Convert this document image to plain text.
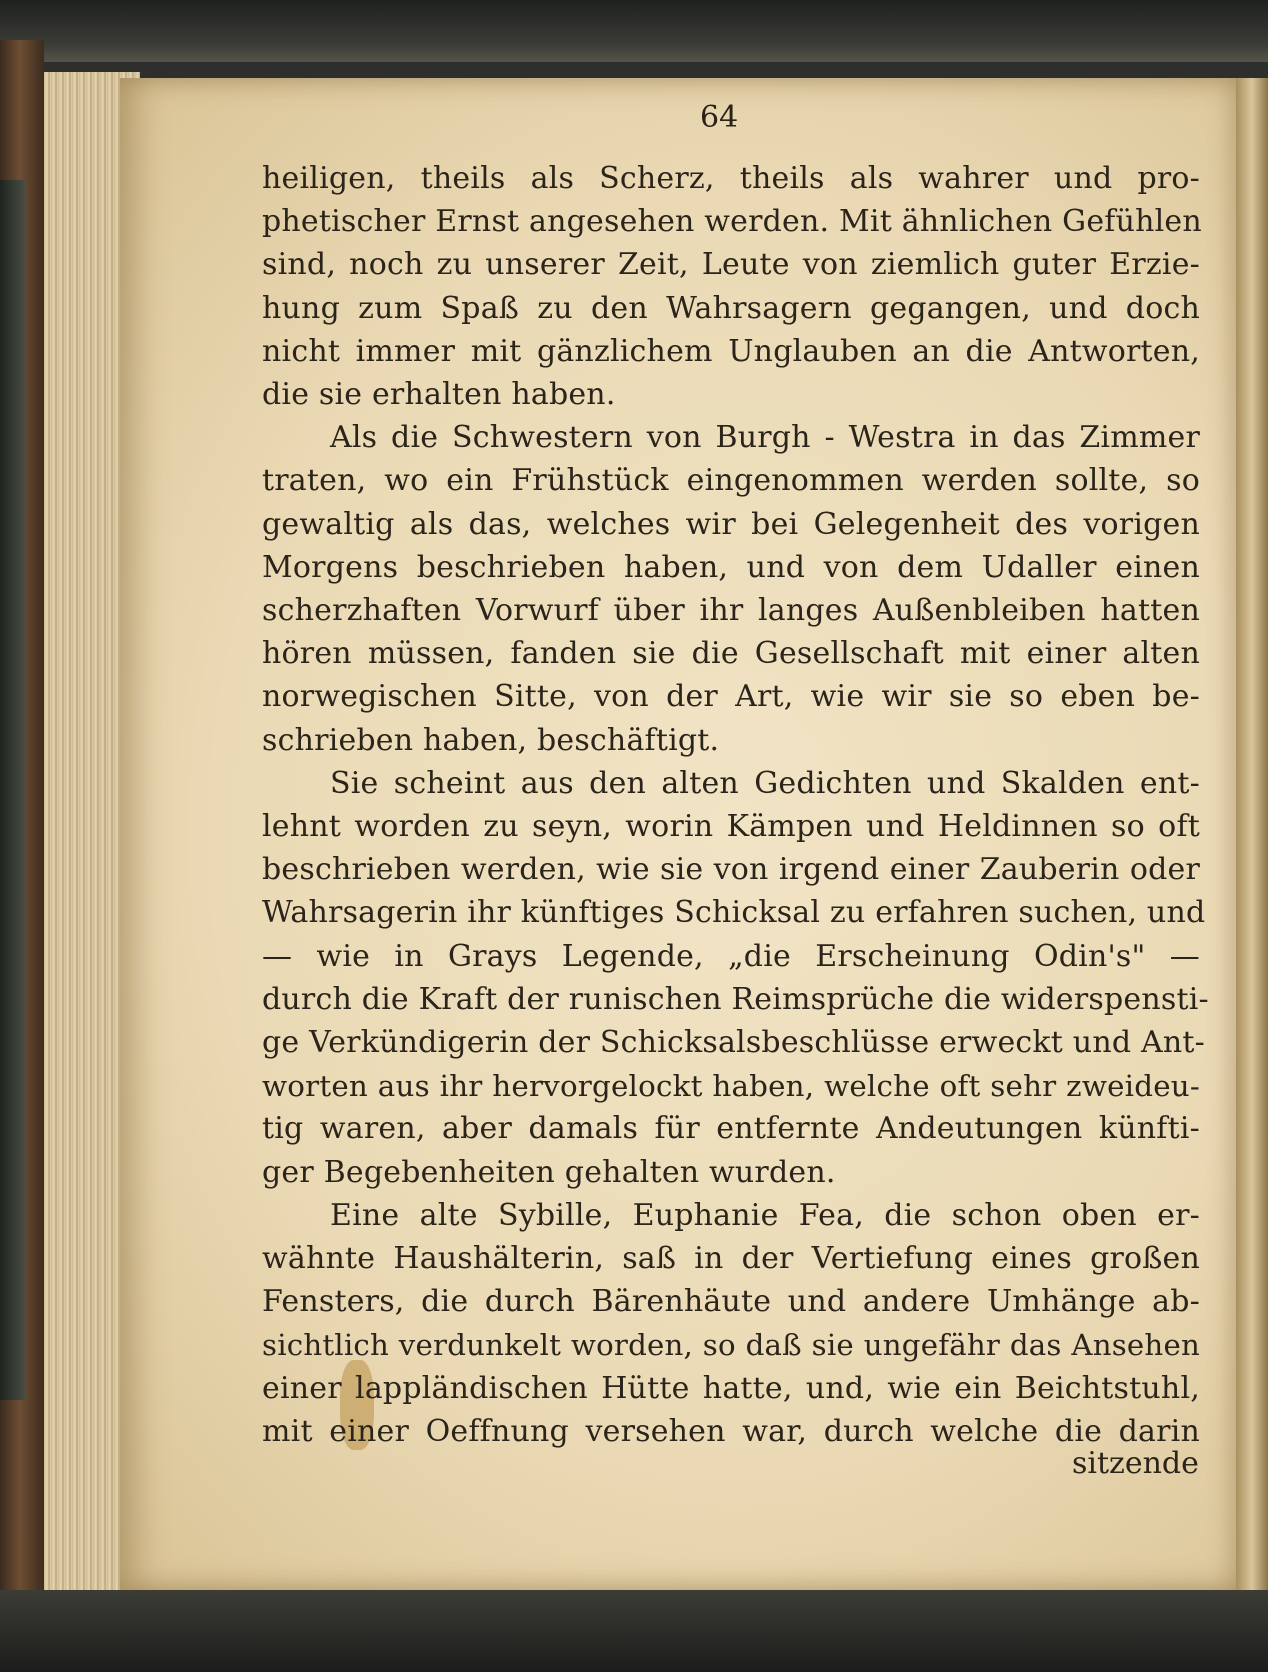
64
heiligen, theils als Scherz, theils als wahrer und pro-
phetischer Ernst angesehen werden. Mit ähnlichen Gefühlen
sind, noch zu unserer Zeit, Leute von ziemlich guter Erzie-
hung zum Spaß zu den Wahrsagern gegangen, und doch
nicht immer mit gänzlichem Unglauben an die Antworten,
die sie erhalten haben.
Als die Schwestern von Burgh - Westra in das Zimmer
traten, wo ein Frühstück eingenommen werden sollte, so
gewaltig als das, welches wir bei Gelegenheit des vorigen
Morgens beschrieben haben, und von dem Udaller einen
scherzhaften Vorwurf über ihr langes Außenbleiben hatten
hören müssen, fanden sie die Gesellschaft mit einer alten
norwegischen Sitte, von der Art, wie wir sie so eben be-
schrieben haben, beschäftigt.
Sie scheint aus den alten Gedichten und Skalden ent-
lehnt worden zu seyn, worin Kämpen und Heldinnen so oft
beschrieben werden, wie sie von irgend einer Zauberin oder
Wahrsagerin ihr künftiges Schicksal zu erfahren suchen, und
— wie in Grays Legende, „die Erscheinung Odin's" —
durch die Kraft der runischen Reimsprüche die widerspensti-
ge Verkündigerin der Schicksalsbeschlüsse erweckt und Ant-
worten aus ihr hervorgelockt haben, welche oft sehr zweideu-
tig waren, aber damals für entfernte Andeutungen künfti-
ger Begebenheiten gehalten wurden.
Eine alte Sybille, Euphanie Fea, die schon oben er-
wähnte Haushälterin, saß in der Vertiefung eines großen
Fensters, die durch Bärenhäute und andere Umhänge ab-
sichtlich verdunkelt worden, so daß sie ungefähr das Ansehen
einer lappländischen Hütte hatte, und, wie ein Beichtstuhl,
mit einer Oeffnung versehen war, durch welche die darin
sitzende
